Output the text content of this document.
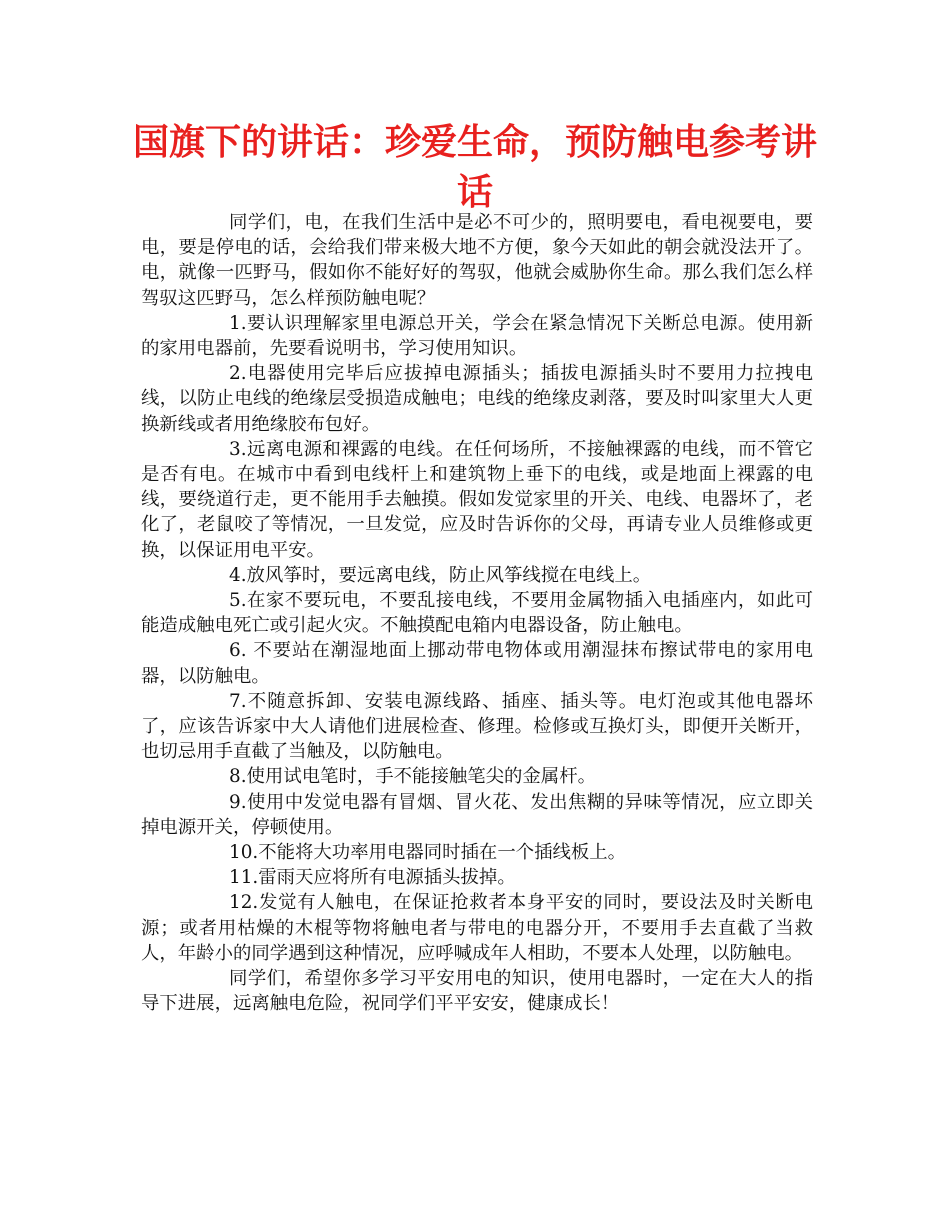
国旗下的讲话：珍爱生命，预防触电参考讲话

同学们，电，在我们生活中是必不可少的，照明要电，看电视要电，要电，要是停电的话，会给我们带来极大地不方便，象今天如此的朝会就没法开了。电，就像一匹野马，假如你不能好好的驾驭，他就会威胁你生命。那么我们怎么样驾驭这匹野马，怎么样预防触电呢？

1.要认识理解家里电源总开关，学会在紧急情况下关断总电源。使用新的家用电器前，先要看说明书，学习使用知识。

2.电器使用完毕后应拔掉电源插头；插拔电源插头时不要用力拉拽电线，以防止电线的绝缘层受损造成触电；电线的绝缘皮剥落，要及时叫家里大人更换新线或者用绝缘胶布包好。

3.远离电源和裸露的电线。在任何场所，不接触裸露的电线，而不管它是否有电。在城市中看到电线杆上和建筑物上垂下的电线，或是地面上裸露的电线，要绕道行走，更不能用手去触摸。假如发觉家里的开关、电线、电器坏了，老化了，老鼠咬了等情况，一旦发觉，应及时告诉你的父母，再请专业人员维修或更换，以保证用电平安。

4.放风筝时，要远离电线，防止风筝线搅在电线上。

5.在家不要玩电，不要乱接电线，不要用金属物插入电插座内，如此可能造成触电死亡或引起火灾。不触摸配电箱内电器设备，防止触电。

6. 不要站在潮湿地面上挪动带电物体或用潮湿抹布擦试带电的家用电器，以防触电。

7.不随意拆卸、安装电源线路、插座、插头等。电灯泡或其他电器坏了，应该告诉家中大人请他们进展检查、修理。检修或互换灯头，即便开关断开，也切忌用手直截了当触及，以防触电。

8.使用试电笔时，手不能接触笔尖的金属杆。

9.使用中发觉电器有冒烟、冒火花、发出焦糊的异味等情况，应立即关掉电源开关，停顿使用。

10.不能将大功率用电器同时插在一个插线板上。

11.雷雨天应将所有电源插头拔掉。

12.发觉有人触电，在保证抢救者本身平安的同时，要设法及时关断电源；或者用枯燥的木棍等物将触电者与带电的电器分开，不要用手去直截了当救人，年龄小的同学遇到这种情况，应呼喊成年人相助，不要本人处理，以防触电。

同学们，希望你多学习平安用电的知识，使用电器时，一定在大人的指导下进展，远离触电危险，祝同学们平平安安，健康成长！
